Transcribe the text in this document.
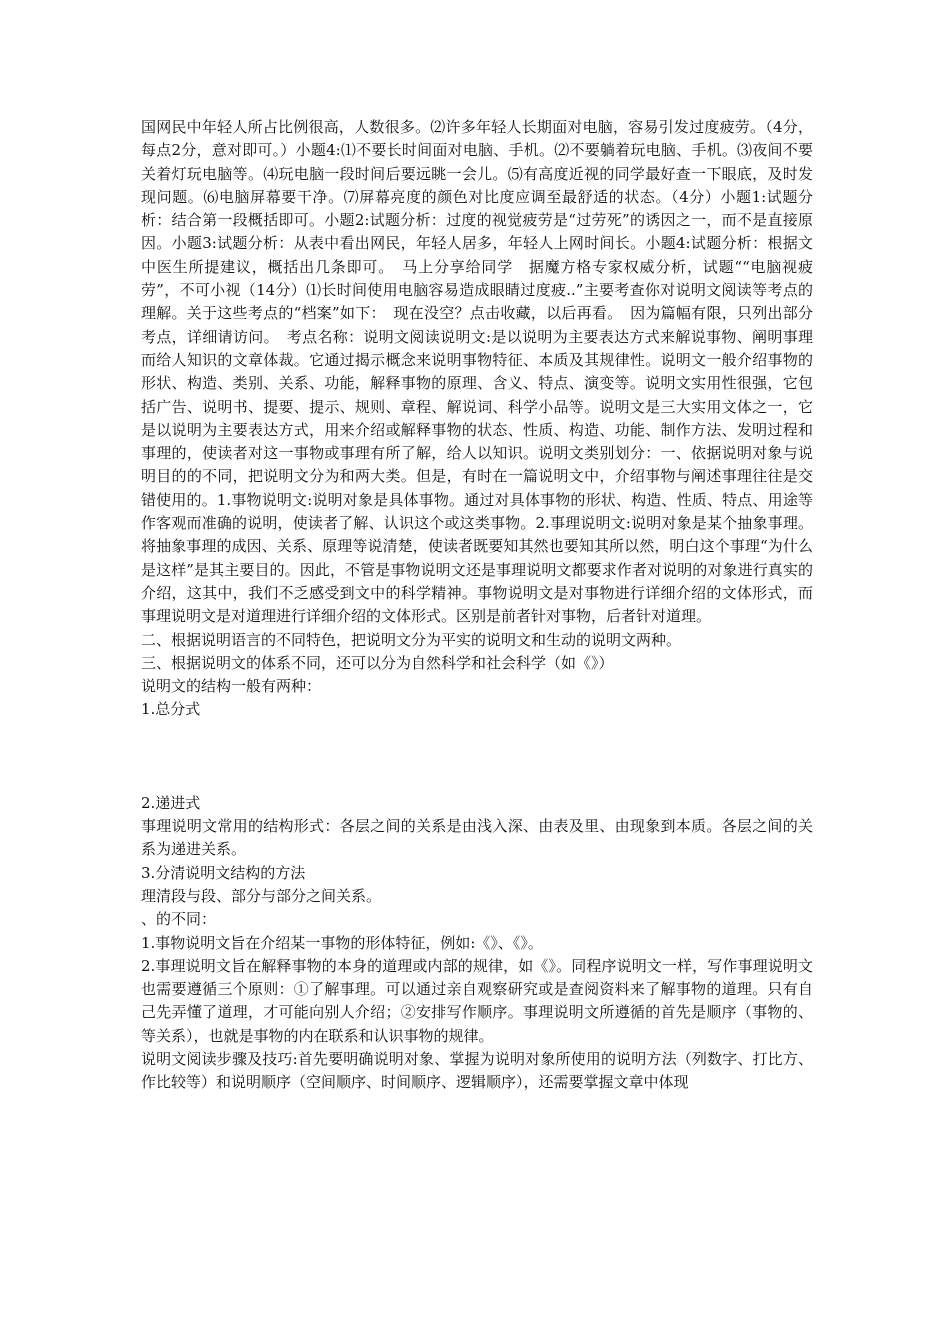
国网民中年轻人所占比例很高，人数很多。⑵许多年轻人长期面对电脑，容易引发过度疲劳。（4分，每点2分，意对即可。）小题4:⑴不要长时间面对电脑、手机。⑵不要躺着玩电脑、手机。⑶夜间不要关着灯玩电脑等。⑷玩电脑一段时间后要远眺一会儿。⑸有高度近视的同学最好查一下眼底，及时发现问题。⑹电脑屏幕要干净。⑺屏幕亮度的颜色对比度应调至最舒适的状态。（4分）小题1:试题分析：结合第一段概括即可。小题2:试题分析：过度的视觉疲劳是“过劳死”的诱因之一，而不是直接原因。小题3:试题分析：从表中看出网民，年轻人居多，年轻人上网时间长。小题4:试题分析：根据文中医生所提建议，概括出几条即可。　马上分享给同学　据魔方格专家权威分析，试题““电脑视疲劳”，不可小视（14分）⑴长时间使用电脑容易造成眼睛过度疲..”主要考查你对说明文阅读等考点的理解。关于这些考点的“档案”如下：　现在没空？点击收藏，以后再看。　因为篇幅有限，只列出部分考点，详细请访问。　考点名称：说明文阅读说明文:是以说明为主要表达方式来解说事物、阐明事理而给人知识的文章体裁。它通过揭示概念来说明事物特征、本质及其规律性。说明文一般介绍事物的形状、构造、类别、关系、功能，解释事物的原理、含义、特点、演变等。说明文实用性很强，它包括广告、说明书、提要、提示、规则、章程、解说词、科学小品等。说明文是三大实用文体之一，它是以说明为主要表达方式，用来介绍或解释事物的状态、性质、构造、功能、制作方法、发明过程和事理的，使读者对这一事物或事理有所了解，给人以知识。说明文类别划分：一、依据说明对象与说明目的的不同，把说明文分为和两大类。但是，有时在一篇说明文中，介绍事物与阐述事理往往是交错使用的。1.事物说明文:说明对象是具体事物。通过对具体事物的形状、构造、性质、特点、用途等作客观而准确的说明，使读者了解、认识这个或这类事物。2.事理说明文:说明对象是某个抽象事理。将抽象事理的成因、关系、原理等说清楚，使读者既要知其然也要知其所以然，明白这个事理“为什么是这样”是其主要目的。因此，不管是事物说明文还是事理说明文都要求作者对说明的对象进行真实的介绍，这其中，我们不乏感受到文中的科学精神。事物说明文是对事物进行详细介绍的文体形式，而事理说明文是对道理进行详细介绍的文体形式。区别是前者针对事物，后者针对道理。

二、根据说明语言的不同特色，把说明文分为平实的说明文和生动的说明文两种。

三、根据说明文的体系不同，还可以分为自然科学和社会科学（如《》）

说明文的结构一般有两种：

1.总分式

2.递进式

事理说明文常用的结构形式：各层之间的关系是由浅入深、由表及里、由现象到本质。各层之间的关系为递进关系。

3.分清说明文结构的方法

理清段与段、部分与部分之间关系。

、的不同：

1.事物说明文旨在介绍某一事物的形体特征，例如:《》、《》。

2.事理说明文旨在解释事物的本身的道理或内部的规律，如《》。同程序说明文一样，写作事理说明文也需要遵循三个原则：①了解事理。可以通过亲自观察研究或是查阅资料来了解事物的道理。只有自己先弄懂了道理，才可能向别人介绍；②安排写作顺序。事理说明文所遵循的首先是顺序（事物的、等关系），也就是事物的内在联系和认识事物的规律。

说明文阅读步骤及技巧:首先要明确说明对象、掌握为说明对象所使用的说明方法（列数字、打比方、作比较等）和说明顺序（空间顺序、时间顺序、逻辑顺序），还需要掌握文章中体现
